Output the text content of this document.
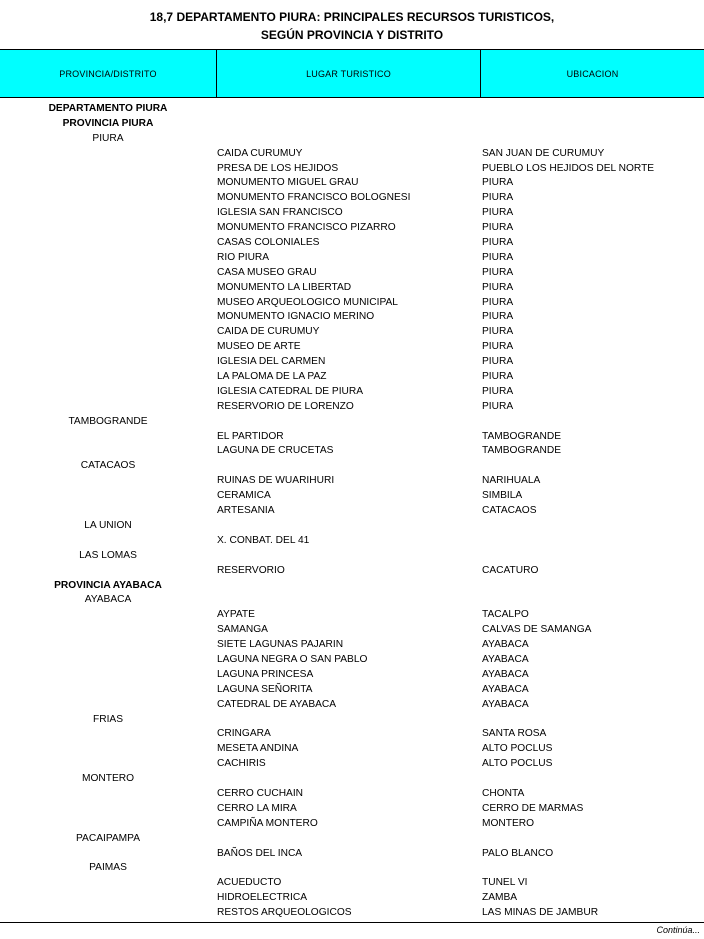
18,7 DEPARTAMENTO PIURA: PRINCIPALES RECURSOS TURISTICOS,
SEGÚN PROVINCIA Y DISTRITO
PROVINCIA/DISTRITO	LUGAR TURISTICO	UBICACION
DEPARTAMENTO PIURA
PROVINCIA PIURA
PIURA
CAIDA CURUMUY	SAN JUAN DE CURUMUY
PRESA DE LOS HEJIDOS	PUEBLO LOS HEJIDOS DEL NORTE
MONUMENTO MIGUEL GRAU	PIURA
MONUMENTO FRANCISCO BOLOGNESI	PIURA
IGLESIA SAN FRANCISCO	PIURA
MONUMENTO FRANCISCO PIZARRO	PIURA
CASAS COLONIALES	PIURA
RIO PIURA	PIURA
CASA MUSEO GRAU	PIURA
MONUMENTO LA LIBERTAD	PIURA
MUSEO ARQUEOLOGICO MUNICIPAL	PIURA
MONUMENTO IGNACIO MERINO	PIURA
CAIDA DE CURUMUY	PIURA
MUSEO DE ARTE	PIURA
IGLESIA DEL CARMEN	PIURA
LA PALOMA DE LA PAZ	PIURA
IGLESIA CATEDRAL DE PIURA	PIURA
RESERVORIO DE LORENZO	PIURA
TAMBOGRANDE
EL PARTIDOR	TAMBOGRANDE
LAGUNA DE CRUCETAS	TAMBOGRANDE
CATACAOS
RUINAS DE WUARIHURI	NARIHUALA
CERAMICA	SIMBILA
ARTESANIA	CATACAOS
LA UNION
X. CONBAT. DEL 41
LAS LOMAS
RESERVORIO	CACATURO
PROVINCIA AYABACA
AYABACA
AYPATE	TACALPO
SAMANGA	CALVAS DE SAMANGA
SIETE LAGUNAS PAJARIN	AYABACA
LAGUNA NEGRA O SAN PABLO	AYABACA
LAGUNA PRINCESA	AYABACA
LAGUNA SEÑORITA	AYABACA
CATEDRAL DE AYABACA	AYABACA
FRIAS
CRINGARA	SANTA ROSA
MESETA ANDINA	ALTO POCLUS
CACHIRIS	ALTO POCLUS
MONTERO
CERRO CUCHAIN	CHONTA
CERRO LA MIRA	CERRO DE MARMAS
CAMPIÑA MONTERO	MONTERO
PACAIPAMPA
BAÑOS DEL INCA	PALO BLANCO
PAIMAS
ACUEDUCTO	TUNEL VI
HIDROELECTRICA	ZAMBA
RESTOS ARQUEOLOGICOS	LAS MINAS DE JAMBUR
Continúa...
